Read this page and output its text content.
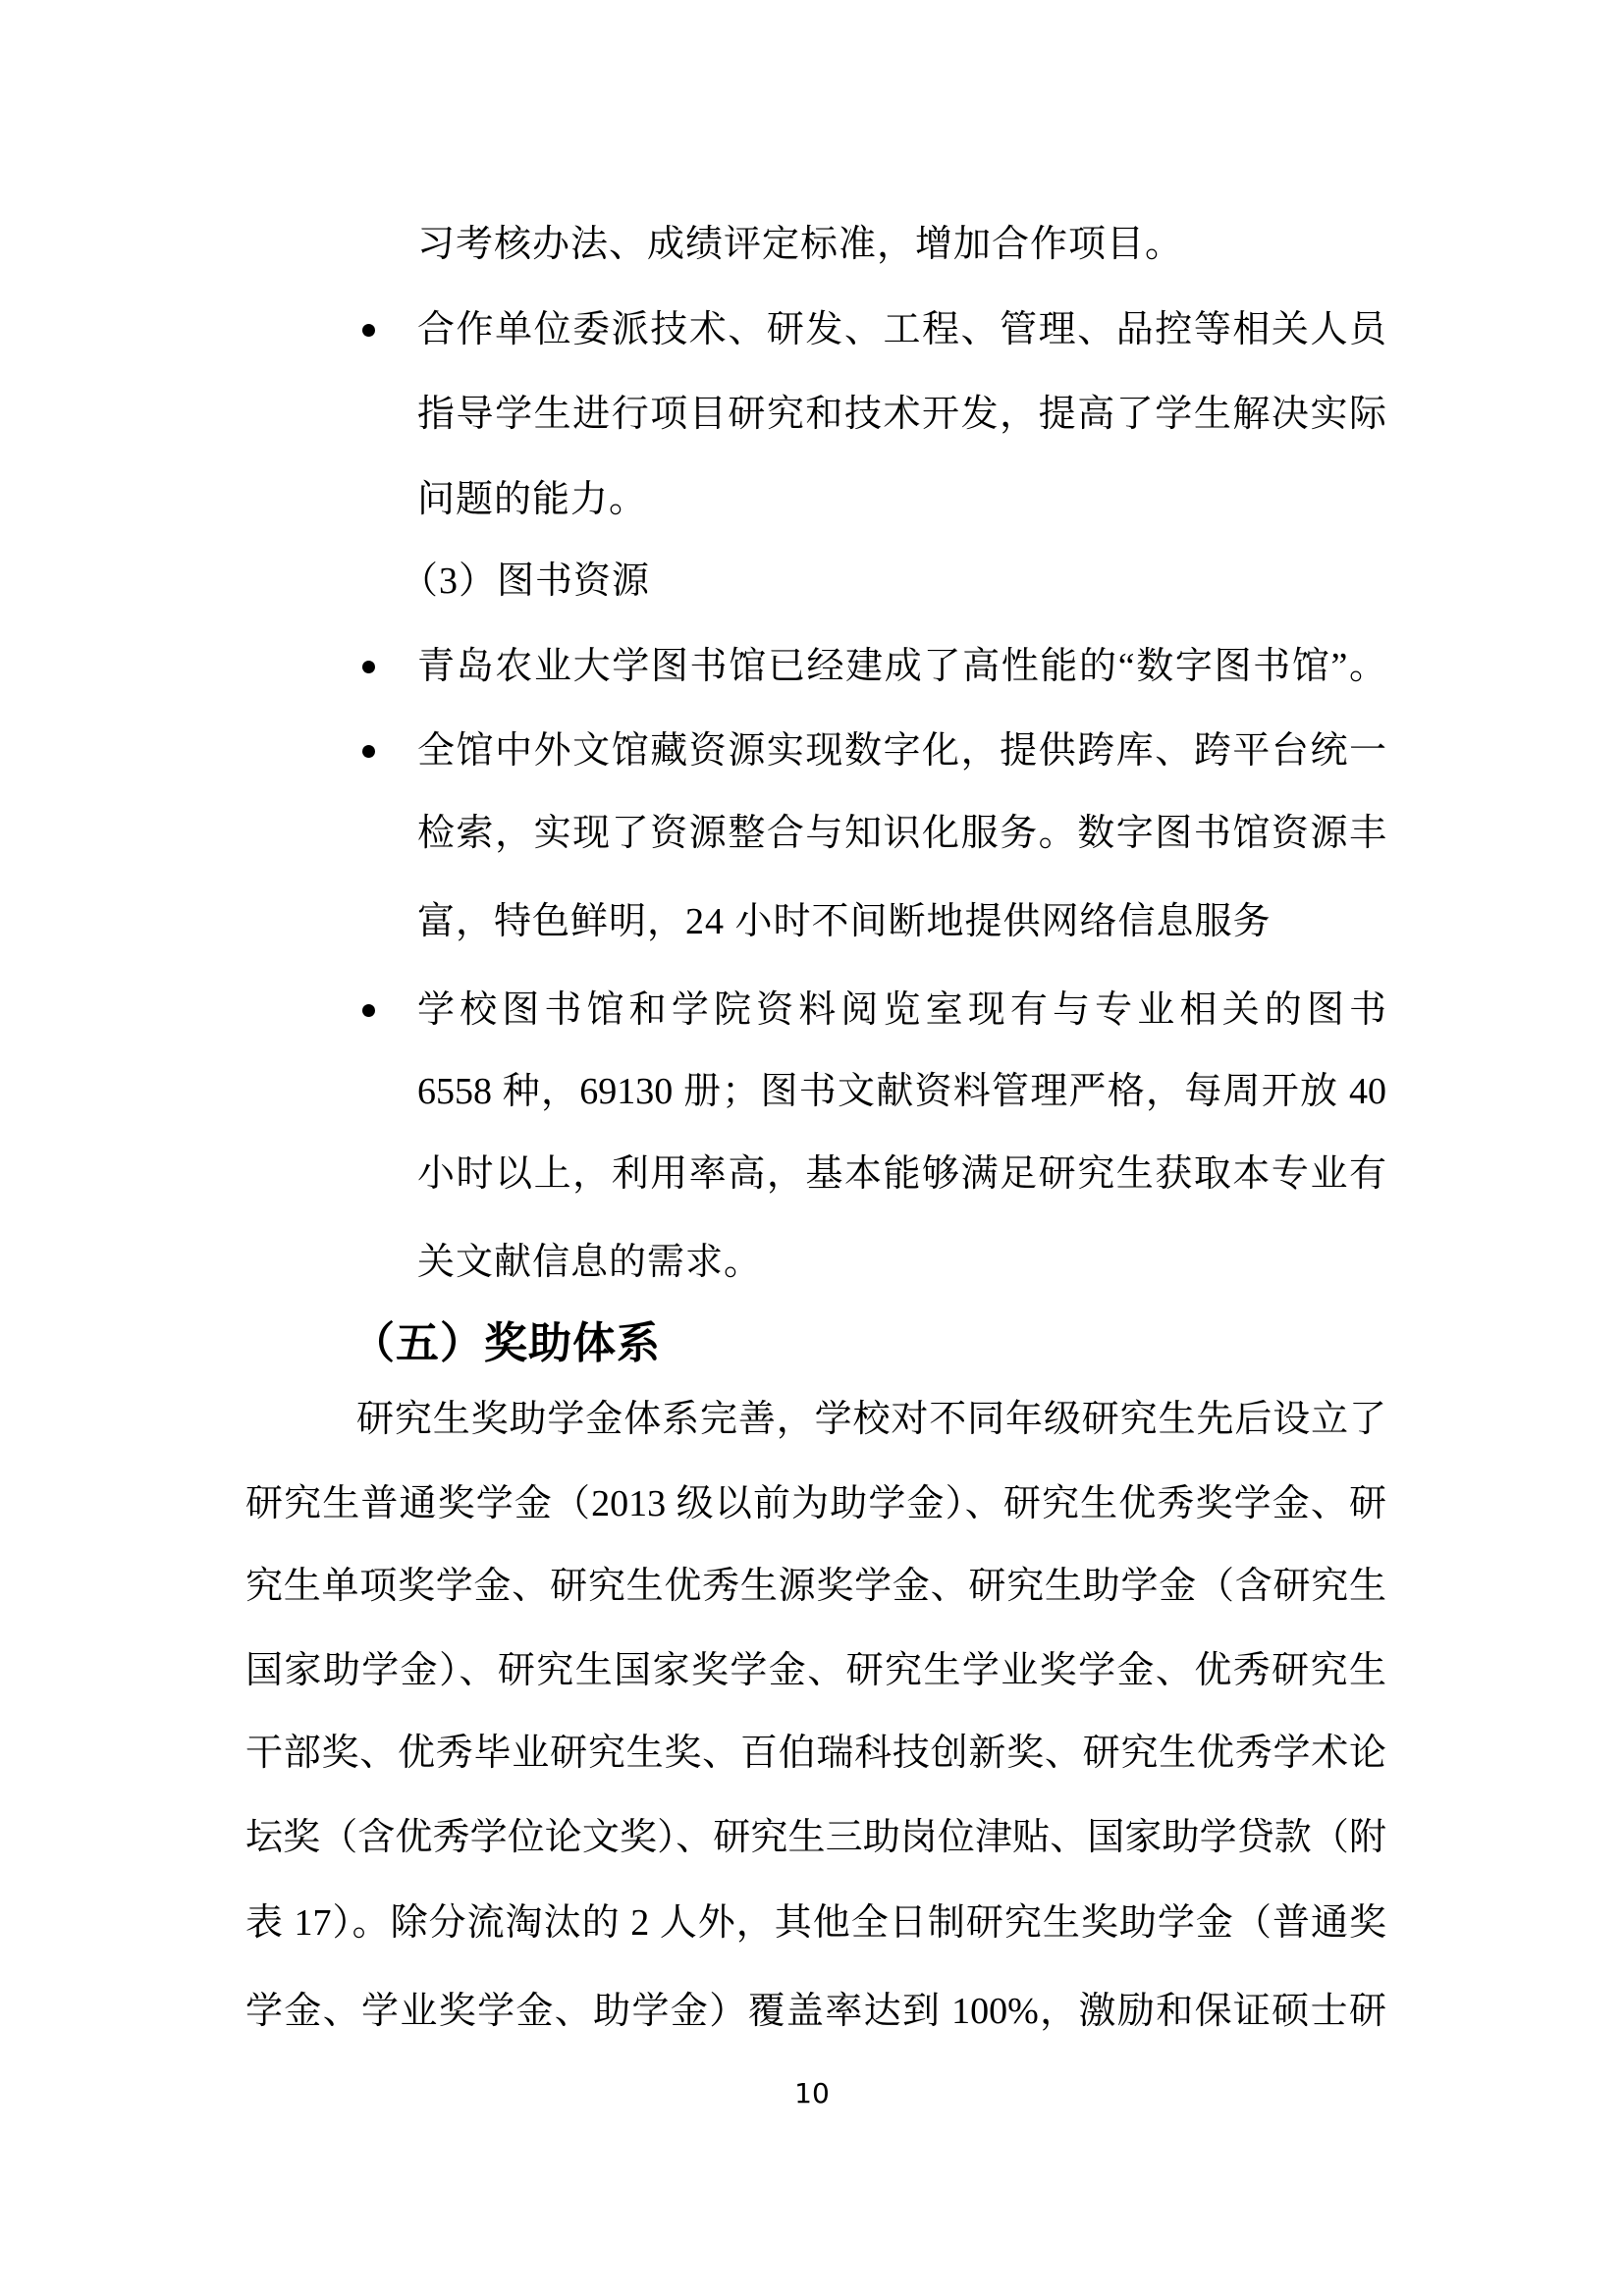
习考核办法、成绩评定标准，增加合作项目。
合作单位委派技术、研发、工程、管理、品控等相关人员
指导学生进行项目研究和技术开发，提高了学生解决实际
问题的能力。
（3）图书资源
青岛农业大学图书馆已经建成了高性能的“数字图书馆”。
全馆中外文馆藏资源实现数字化，提供跨库、跨平台统一
检索，实现了资源整合与知识化服务。数字图书馆资源丰
富，特色鲜明，24 小时不间断地提供网络信息服务
学校图书馆和学院资料阅览室现有与专业相关的图书
6558 种，69130 册；图书文献资料管理严格，每周开放 40
小时以上，利用率高，基本能够满足研究生获取本专业有
关文献信息的需求。
（五）奖助体系
研究生奖助学金体系完善，学校对不同年级研究生先后设立了
研究生普通奖学金（2013 级以前为助学金）、研究生优秀奖学金、研
究生单项奖学金、研究生优秀生源奖学金、研究生助学金（含研究生
国家助学金）、研究生国家奖学金、研究生学业奖学金、优秀研究生
干部奖、优秀毕业研究生奖、百伯瑞科技创新奖、研究生优秀学术论
坛奖（含优秀学位论文奖）、研究生三助岗位津贴、国家助学贷款（附
表 17）。除分流淘汰的 2 人外，其他全日制研究生奖助学金（普通奖
学金、学业奖学金、助学金）覆盖率达到 100%，激励和保证硕士研
10
